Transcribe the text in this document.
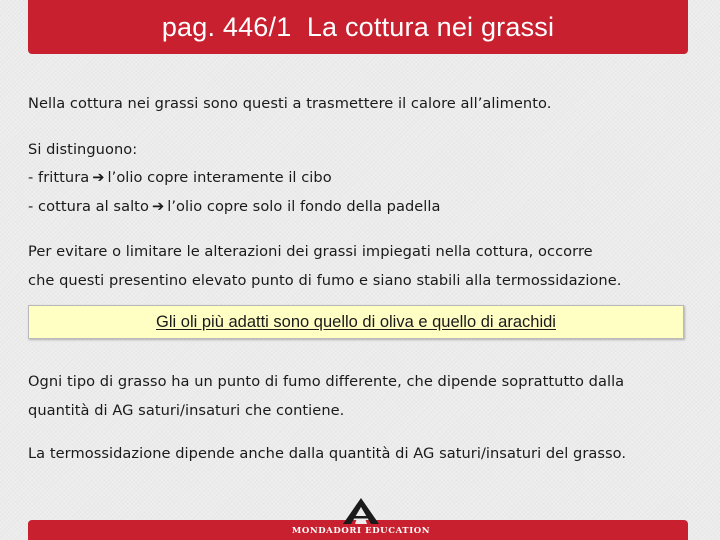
pag. 446/1  La cottura nei grassi
Nella cottura nei grassi sono questi a trasmettere il calore all’alimento.
Si distinguono:
- frittura ➔ l’olio copre interamente il cibo
- cottura al salto ➔ l’olio copre solo il fondo della padella
Per evitare o limitare le alterazioni dei grassi impiegati nella cottura, occorre
che questi presentino elevato punto di fumo e siano stabili alla termossidazione.
Ogni tipo di grasso ha un punto di fumo differente, che dipende soprattutto dalla
quantità di AG saturi/insaturi che contiene.
La termossidazione dipende anche dalla quantità di AG saturi/insaturi del grasso.
Gli oli più adatti sono quello di oliva e quello di arachidi
MONDADORI EDUCATION
